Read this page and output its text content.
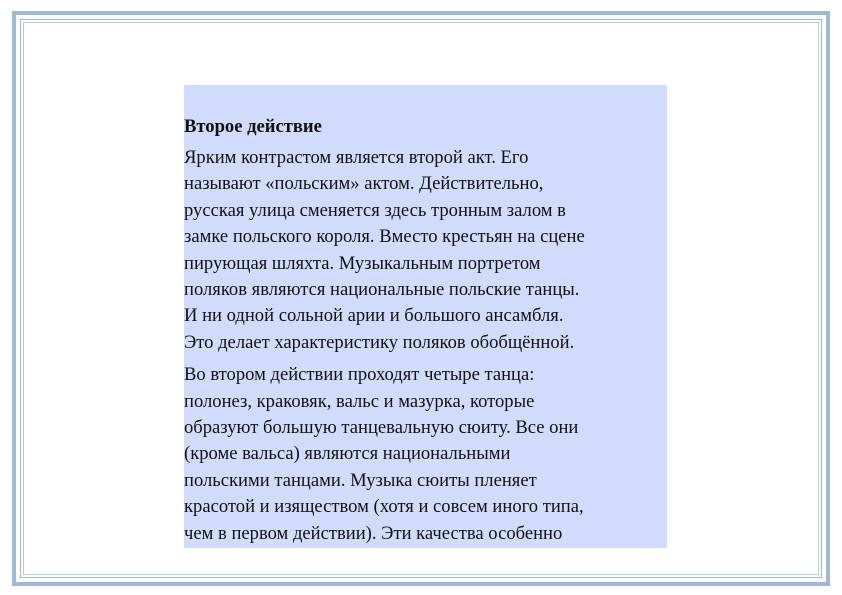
Второе действие
Ярким контрастом является второй акт. Его
называют «польским» актом. Действительно,
русская улица сменяется здесь тронным залом в
замке польского короля. Вместо крестьян на сцене
пирующая шляхта. Музыкальным портретом
поляков являются национальные польские танцы.
И ни одной сольной арии и большого ансамбля.
Это делает характеристику поляков обобщённой.
Во втором действии проходят четыре танца:
полонез, краковяк, вальс и мазурка, которые
образуют большую танцевальную сюиту. Все они
(кроме вальса) являются национальными
польскими танцами. Музыка сюиты пленяет
красотой и изяществом (хотя и совсем иного типа,
чем в первом действии). Эти качества особенно
